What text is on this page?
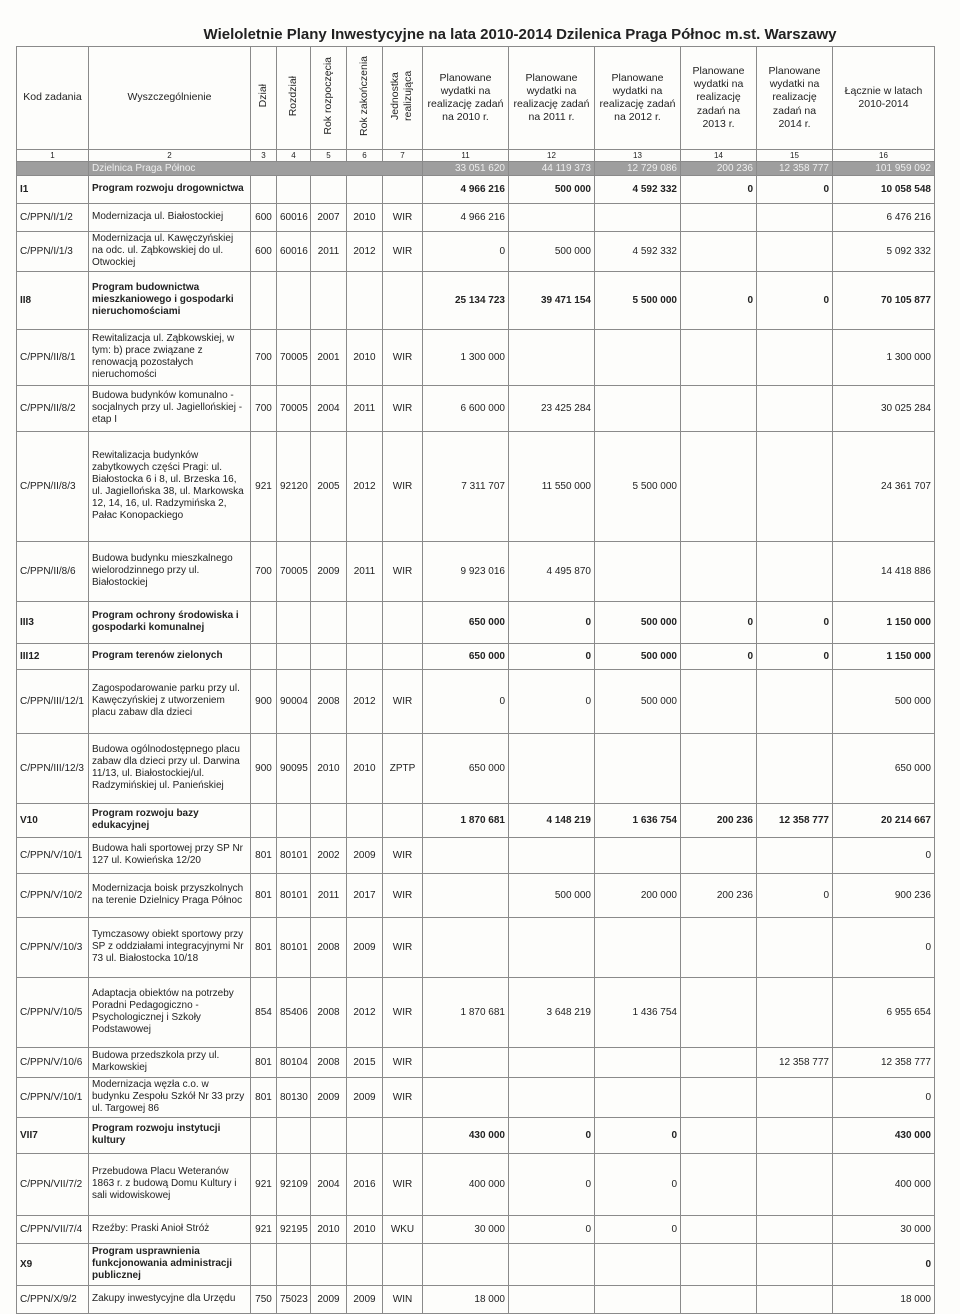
Wieloletnie Plany Inwestycyjne na lata 2010-2014 Dzilenica Praga Północ m.st. Warszawy
Kod zadania	Wyszczególnienie	Dział	Rozdział	Rok rozpoczęcia	Rok zakończenia	Jednostka realizująca	Planowane wydatki na realizację zadań na 2010 r.	Planowane wydatki na realizację zadań na 2011 r.	Planowane wydatki na realizację zadań na 2012 r.	Planowane wydatki na realizację zadań na 2013 r.	Planowane wydatki na realizację zadań na 2014 r.	Łącznie w latach 2010-2014
1	2	3	4	5	6	7	11	12	13	14	15	16
	Dzielnica Praga Północ						33 051 620	44 119 373	12 729 086	200 236	12 358 777	101 959 092
I1	Program rozwoju drogownictwa						4 966 216	500 000	4 592 332	0	0	10 058 548
C/PPN/I/1/2	Modernizacja ul. Białostockiej	600	60016	2007	2010	WIR	4 966 216					6 476 216
C/PPN/I/1/3	Modernizacja ul. Kawęczyńskiej na odc. ul. Ząbkowskiej do ul. Otwockiej	600	60016	2011	2012	WIR	0	500 000	4 592 332			5 092 332
II8	Program budownictwa mieszkaniowego i gospodarki nieruchomościami						25 134 723	39 471 154	5 500 000	0	0	70 105 877
C/PPN/II/8/1	Rewitalizacja ul. Ząbkowskiej, w tym: b) prace związane z renowacją pozostałych nieruchomości	700	70005	2001	2010	WIR	1 300 000					1 300 000
C/PPN/II/8/2	Budowa budynków komunalno - socjalnych przy ul. Jagiellońskiej - etap I	700	70005	2004	2011	WIR	6 600 000	23 425 284				30 025 284
C/PPN/II/8/3	Rewitalizacja budynków zabytkowych części Pragi: ul. Białostocka 6 i 8, ul. Brzeska 16, ul. Jagiellońska 38, ul. Markowska 12, 14, 16, ul. Radzymińska 2, Pałac Konopackiego	921	92120	2005	2012	WIR	7 311 707	11 550 000	5 500 000			24 361 707
C/PPN/II/8/6	Budowa budynku mieszkalnego wielorodzinnego przy ul. Białostockiej	700	70005	2009	2011	WIR	9 923 016	4 495 870				14 418 886
III3	Program ochrony środowiska i gospodarki komunalnej						650 000	0	500 000	0	0	1 150 000
III12	Program terenów zielonych						650 000	0	500 000	0	0	1 150 000
C/PPN/III/12/1	Zagospodarowanie parku przy ul. Kawęczyńskiej z utworzeniem placu zabaw dla dzieci	900	90004	2008	2012	WIR	0	0	500 000			500 000
C/PPN/III/12/3	Budowa ogólnodostępnego placu zabaw dla dzieci przy ul. Darwina 11/13, ul. Białostockiej/ul. Radzymińskiej ul. Panieńskiej	900	90095	2010	2010	ZPTP	650 000					650 000
V10	Program rozwoju bazy edukacyjnej						1 870 681	4 148 219	1 636 754	200 236	12 358 777	20 214 667
C/PPN/V/10/1	Budowa hali sportowej przy SP Nr 127 ul. Kowieńska 12/20	801	80101	2002	2009	WIR						0
C/PPN/V/10/2	Modernizacja boisk przyszkolnych na terenie Dzielnicy Praga Północ	801	80101	2011	2017	WIR		500 000	200 000	200 236	0	900 236
C/PPN/V/10/3	Tymczasowy obiekt sportowy przy SP z oddziałami integracyjnymi Nr 73 ul. Białostocka 10/18	801	80101	2008	2009	WIR						0
C/PPN/V/10/5	Adaptacja obiektów na potrzeby Poradni Pedagogiczno - Psychologicznej i Szkoły Podstawowej	854	85406	2008	2012	WIR	1 870 681	3 648 219	1 436 754			6 955 654
C/PPN/V/10/6	Budowa przedszkola przy ul. Markowskiej	801	80104	2008	2015	WIR					12 358 777	12 358 777
C/PPN/V/10/1	Modernizacja węzła c.o. w budynku Zespołu Szkół Nr 33 przy ul. Targowej 86	801	80130	2009	2009	WIR						0
VII7	Program rozwoju instytucji kultury						430 000	0	0			430 000
C/PPN/VII/7/2	Przebudowa Placu Weteranów 1863 r. z budową Domu Kultury i sali widowiskowej	921	92109	2004	2016	WIR	400 000	0	0			400 000
C/PPN/VII/7/4	Rzeźby: Praski Anioł Stróż	921	92195	2010	2010	WKU	30 000	0	0			30 000
X9	Program usprawnienia funkcjonowania administracji publicznej											0
C/PPN/X/9/2	Zakupy inwestycyjne dla Urzędu	750	75023	2009	2009	WIN	18 000					18 000
